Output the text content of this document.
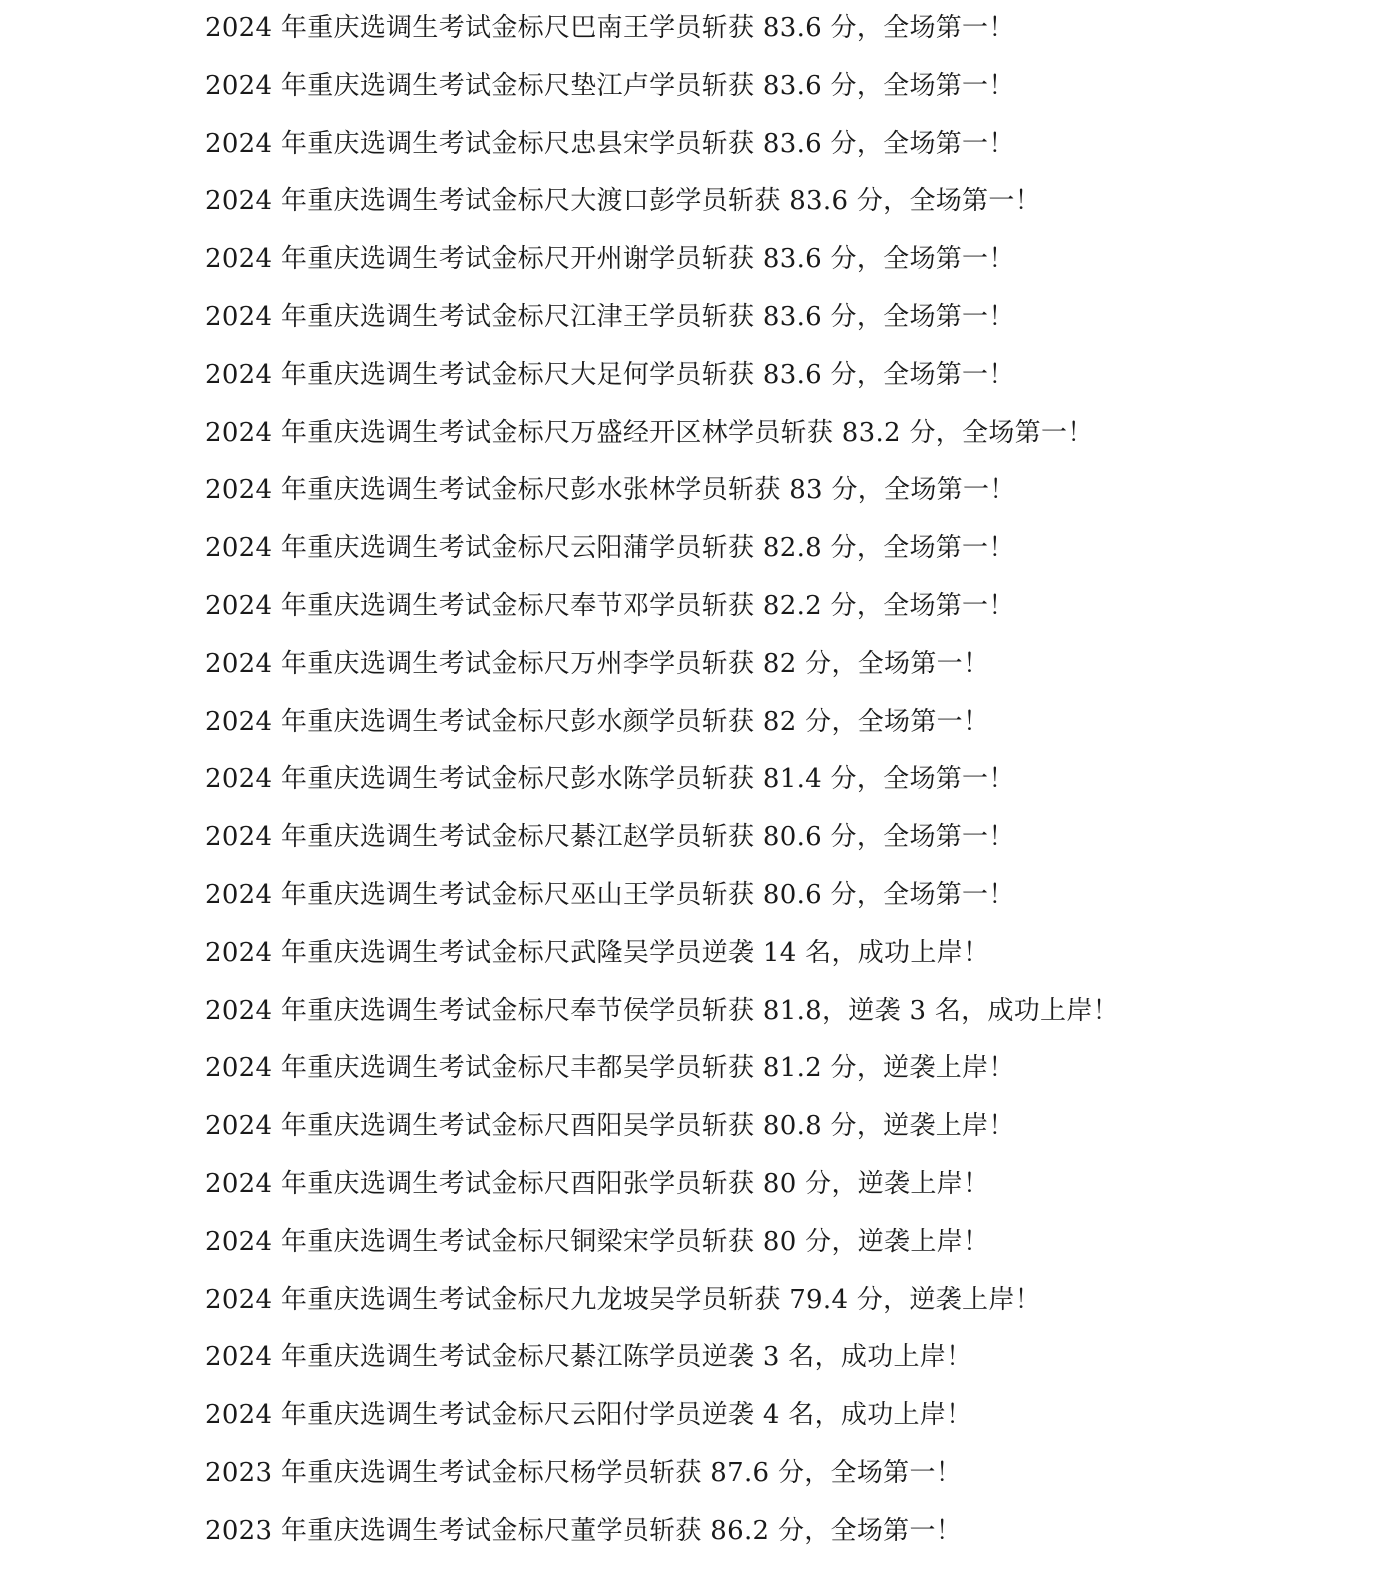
2024 年重庆选调生考试金标尺巴南王学员斩获 83.6 分，全场第一！
2024 年重庆选调生考试金标尺垫江卢学员斩获 83.6 分，全场第一！
2024 年重庆选调生考试金标尺忠县宋学员斩获 83.6 分，全场第一！
2024 年重庆选调生考试金标尺大渡口彭学员斩获 83.6 分，全场第一！
2024 年重庆选调生考试金标尺开州谢学员斩获 83.6 分，全场第一！
2024 年重庆选调生考试金标尺江津王学员斩获 83.6 分，全场第一！
2024 年重庆选调生考试金标尺大足何学员斩获 83.6 分，全场第一！
2024 年重庆选调生考试金标尺万盛经开区林学员斩获 83.2 分，全场第一！
2024 年重庆选调生考试金标尺彭水张林学员斩获 83 分，全场第一！
2024 年重庆选调生考试金标尺云阳蒲学员斩获 82.8 分，全场第一！
2024 年重庆选调生考试金标尺奉节邓学员斩获 82.2 分，全场第一！
2024 年重庆选调生考试金标尺万州李学员斩获 82 分，全场第一！
2024 年重庆选调生考试金标尺彭水颜学员斩获 82 分，全场第一！
2024 年重庆选调生考试金标尺彭水陈学员斩获 81.4 分，全场第一！
2024 年重庆选调生考试金标尺綦江赵学员斩获 80.6 分，全场第一！
2024 年重庆选调生考试金标尺巫山王学员斩获 80.6 分，全场第一！
2024 年重庆选调生考试金标尺武隆吴学员逆袭 14 名，成功上岸！
2024 年重庆选调生考试金标尺奉节侯学员斩获 81.8，逆袭 3 名，成功上岸！
2024 年重庆选调生考试金标尺丰都吴学员斩获 81.2 分，逆袭上岸！
2024 年重庆选调生考试金标尺酉阳吴学员斩获 80.8 分，逆袭上岸！
2024 年重庆选调生考试金标尺酉阳张学员斩获 80 分，逆袭上岸！
2024 年重庆选调生考试金标尺铜梁宋学员斩获 80 分，逆袭上岸！
2024 年重庆选调生考试金标尺九龙坡吴学员斩获 79.4 分，逆袭上岸！
2024 年重庆选调生考试金标尺綦江陈学员逆袭 3 名，成功上岸！
2024 年重庆选调生考试金标尺云阳付学员逆袭 4 名，成功上岸！
2023 年重庆选调生考试金标尺杨学员斩获 87.6 分，全场第一！
2023 年重庆选调生考试金标尺董学员斩获 86.2 分，全场第一！
